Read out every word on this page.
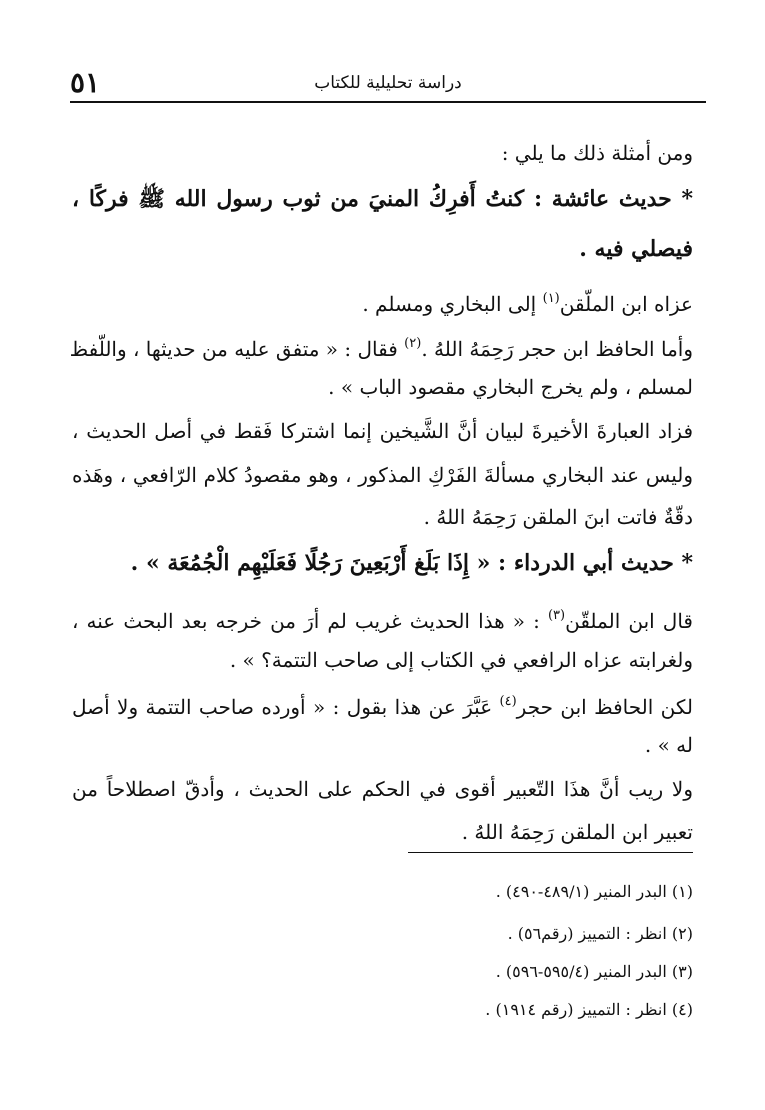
٥١	دراسة تحليلية للكتاب
ومن أمثلة ذلك ما يلي :
* حديث عائشة : كنتُ أَفرِكُ المنيَ من ثوب رسول الله ﷺ فركًا ،
فيصلي فيه .
عزاه ابن الملّقن$^{(١)}$ إلى البخاري ومسلم .
وأما الحافظ ابن حجر رَحِمَهُ اللهُ .$^{(٢)}$ فقال : « متفق عليه من حديثها ، واللّفظ
لمسلم ، ولم يخرج البخاري مقصود الباب » .
فزاد العبارةَ الأخيرةَ لبيان أنَّ الشَّيخين إنما اشتركا فَقط في أصل الحديث ،
وليس عند البخاري مسألةَ الفَرْكِ المذكور ، وهو مقصودُ كلام الرّافعي ، وهَذه
دقّةٌ فاتت ابنَ الملقن رَحِمَهُ اللهُ .
* حديث أبي الدرداء : « إِذَا بَلَغ أَرْبَعِينَ رَجُلًا فَعَلَيْهِم الْجُمُعَة » .
قال ابن الملقّن$^{(٣)}$ : « هذا الحديث غريب لم أرَ من خرجه بعد البحث عنه ،
ولغرابته عزاه الرافعي في الكتاب إلى صاحب التتمة؟ » .
لكن الحافظ ابن حجر$^{(٤)}$ عَبَّرَ عن هذا بقول : « أورده صاحب التتمة ولا أصل
له » .
ولا ريب أنَّ هذَا التّعبير أقوى في الحكم على الحديث ، وأدقّ اصطلاحاً من
تعبير ابن الملقن رَحِمَهُ اللهُ .
(١) البدر المنير (٤٨٩/١-٤٩٠) .
(٢) انظر : التمييز (رقم٥٦) .
(٣) البدر المنير (٥٩٥/٤-٥٩٦) .
(٤) انظر : التمييز (رقم ١٩١٤) .
